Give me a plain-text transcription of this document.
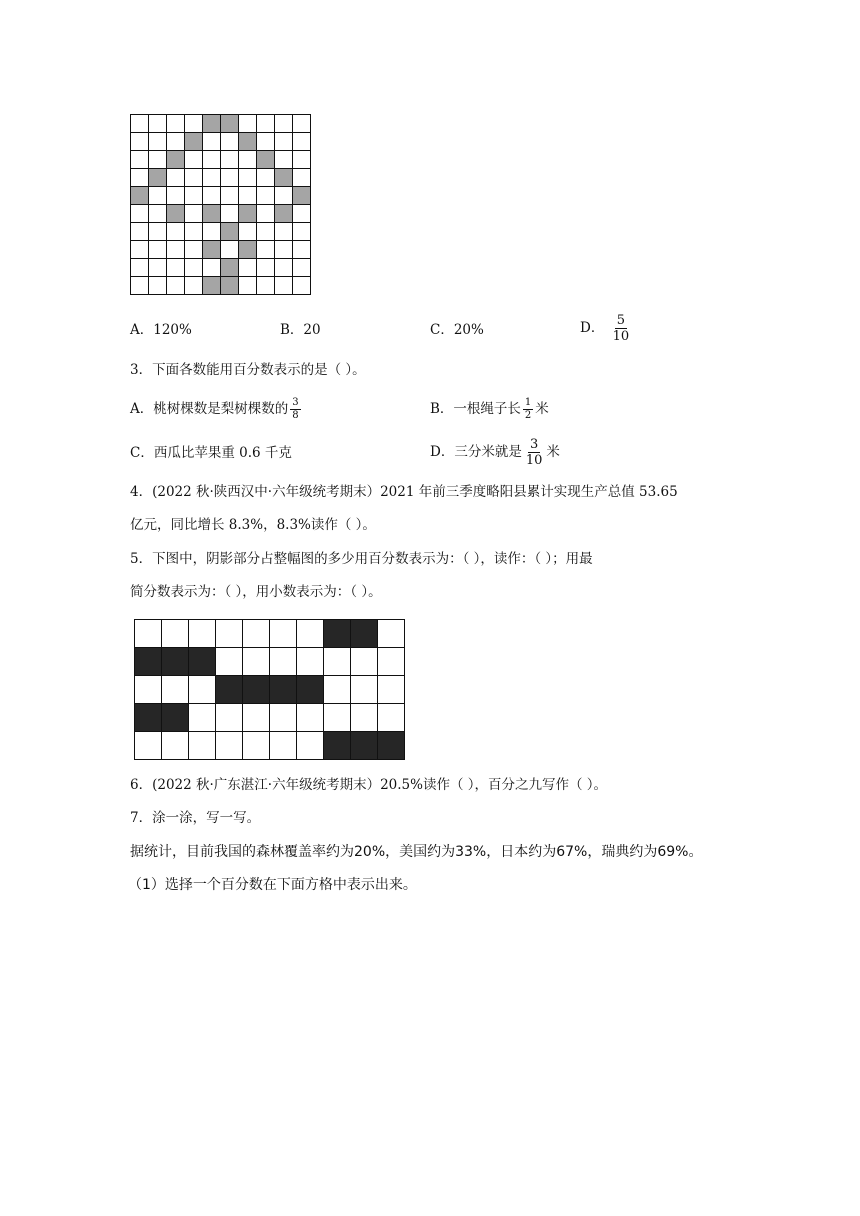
A．120%	B．20	C．20%	D． $\frac{5}{10}$
3．下面各数能用百分数表示的是（ ）。
A．桃树棵数是梨树棵数的 $\frac{3}{8}$	B．一根绳子长 $\frac{1}{2}$ 米
C．西瓜比苹果重 0.6 千克	D．三分米就是 $\frac{3}{10}$ 米
4．(2022 秋·陕西汉中·六年级统考期末）2021 年前三季度略阳县累计实现生产总值 53.65
亿元，同比增长 8.3%，8.3%读作（ ）。
5．下图中，阴影部分占整幅图的多少用百分数表示为：（ ），读作：（ ）；用最
简分数表示为：（ ），用小数表示为：（ ）。

6．(2022 秋·广东湛江·六年级统考期末）20.5%读作（ ），百分之九写作（ ）。
7．涂一涂，写一写。
据统计，目前我国的森林覆盖率约为20%，美国约为33%，日本约为67%，瑞典约为69%。
（1）选择一个百分数在下面方格中表示出来。
